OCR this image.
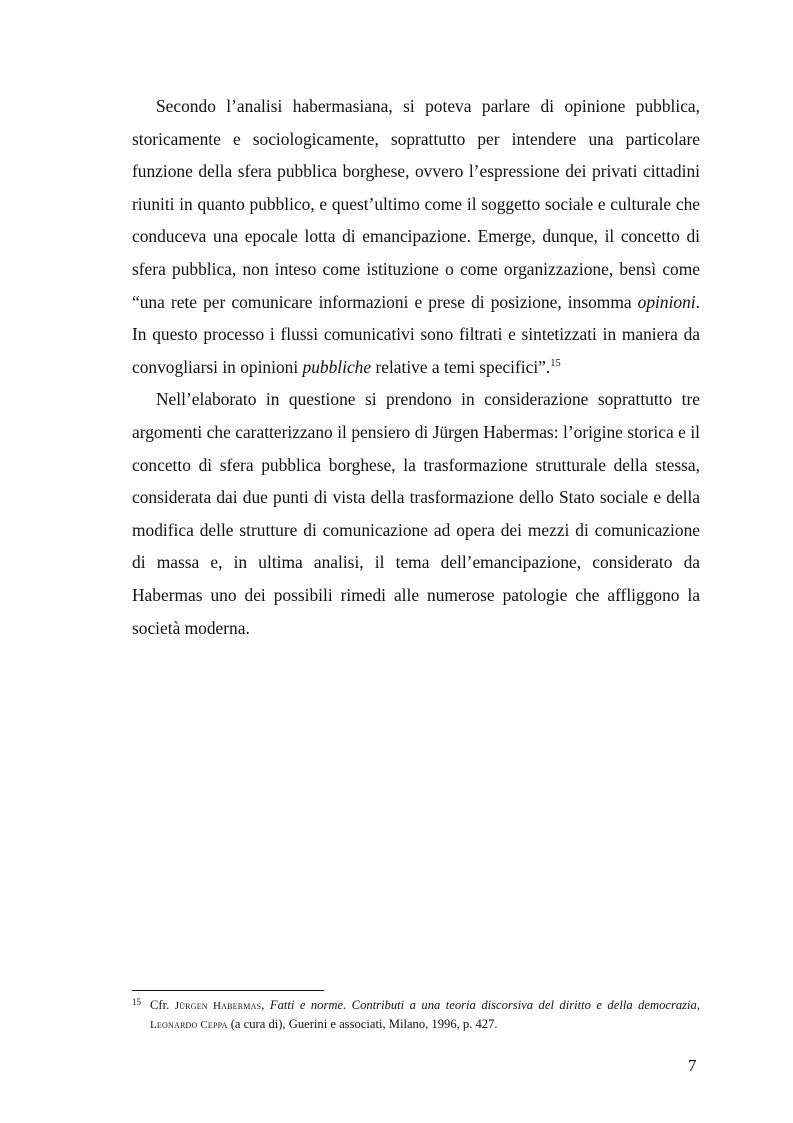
Secondo l’analisi habermasiana, si poteva parlare di opinione pubblica, storicamente e sociologicamente, soprattutto per intendere una particolare funzione della sfera pubblica borghese, ovvero l’espressione dei privati cittadini riuniti in quanto pubblico, e quest’ultimo come il soggetto sociale e culturale che conduceva una epocale lotta di emancipazione. Emerge, dunque, il concetto di sfera pubblica, non inteso come istituzione o come organizzazione, bensì come “una rete per comunicare informazioni e prese di posizione, insomma opinioni. In questo processo i flussi comunicativi sono filtrati e sintetizzati in maniera da convogliarsi in opinioni pubbliche relative a temi specifici”.$^{15}$

Nell’elaborato in questione si prendono in considerazione soprattutto tre argomenti che caratterizzano il pensiero di Jürgen Habermas: l’origine storica e il concetto di sfera pubblica borghese, la trasformazione strutturale della stessa, considerata dai due punti di vista della trasformazione dello Stato sociale e della modifica delle strutture di comunicazione ad opera dei mezzi di comunicazione di massa e, in ultima analisi, il tema dell’emancipazione, considerato da Habermas uno dei possibili rimedi alle numerose patologie che affliggono la società moderna.

15 Cfr. Jürgen Habermas, Fatti e norme. Contributi a una teoria discorsiva del diritto e della democrazia, Leonardo Ceppa (a cura di), Guerini e associati, Milano, 1996, p. 427.
7
